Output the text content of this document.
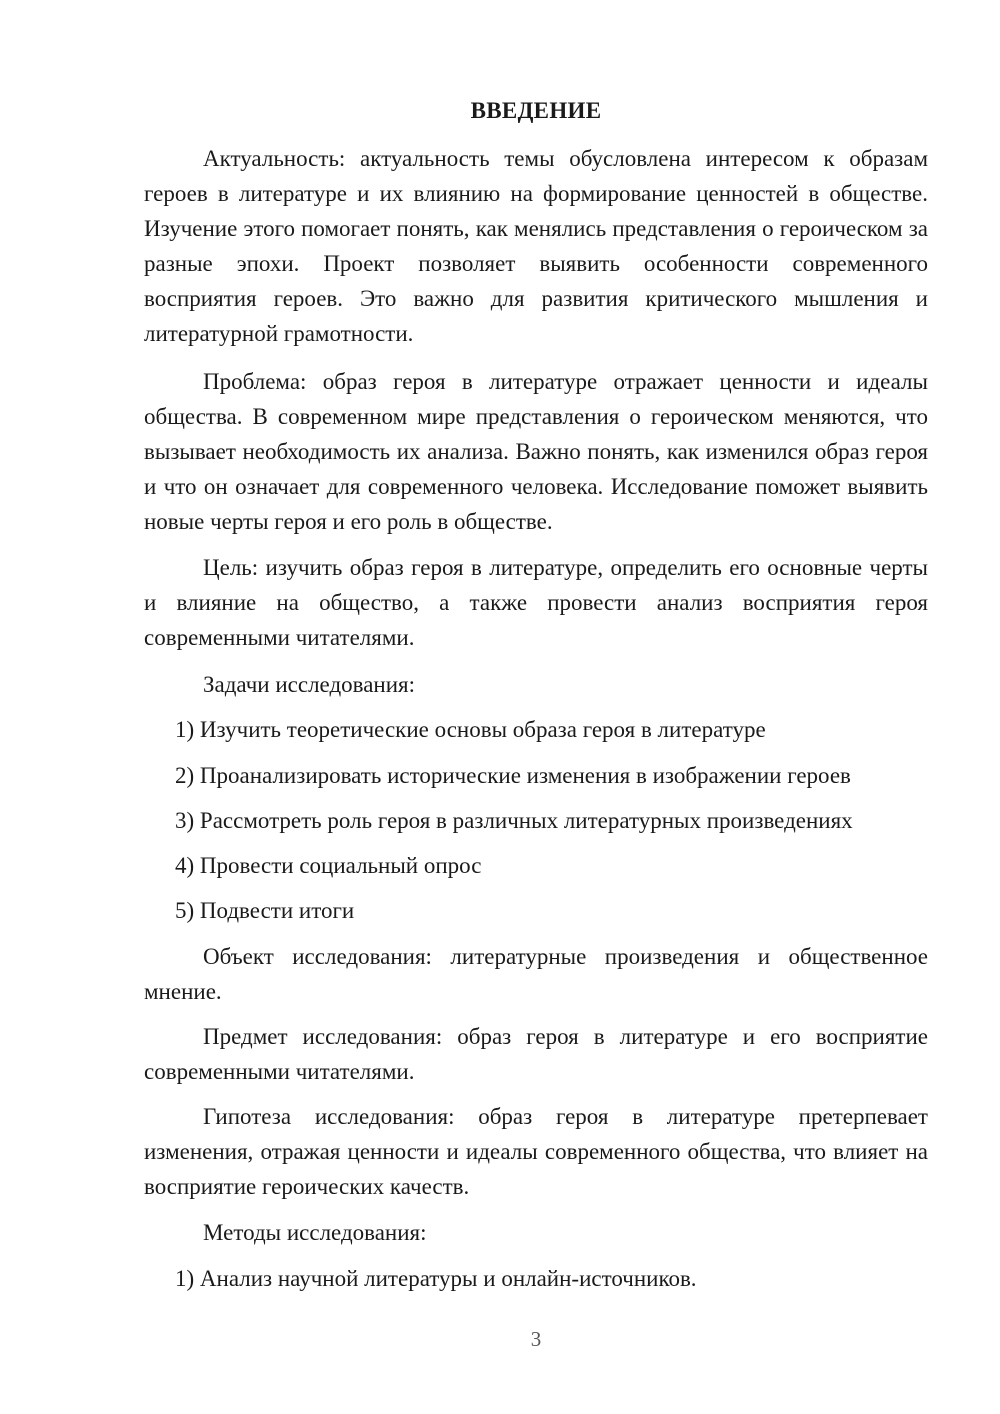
ВВЕДЕНИЕ

Актуальность: актуальность темы обусловлена интересом к образам героев в литературе и их влиянию на формирование ценностей в обществе. Изучение этого помогает понять, как менялись представления о героическом за разные эпохи. Проект позволяет выявить особенности современного восприятия героев. Это важно для развития критического мышления и литературной грамотности.

Проблема: образ героя в литературе отражает ценности и идеалы общества. В современном мире представления о героическом меняются, что вызывает необходимость их анализа. Важно понять, как изменился образ героя и что он означает для современного человека. Исследование поможет выявить новые черты героя и его роль в обществе.

Цель: изучить образ героя в литературе, определить его основные черты и влияние на общество, а также провести анализ восприятия героя современными читателями.

Задачи исследования:

1) Изучить теоретические основы образа героя в литературе

2) Проанализировать исторические изменения в изображении героев

3) Рассмотреть роль героя в различных литературных произведениях

4) Провести социальный опрос

5) Подвести итоги

Объект исследования: литературные произведения и общественное мнение.

Предмет исследования: образ героя в литературе и его восприятие современными читателями.

Гипотеза исследования: образ героя в литературе претерпевает изменения, отражая ценности и идеалы современного общества, что влияет на восприятие героических качеств.

Методы исследования:

1) Анализ научной литературы и онлайн-источников.

3
